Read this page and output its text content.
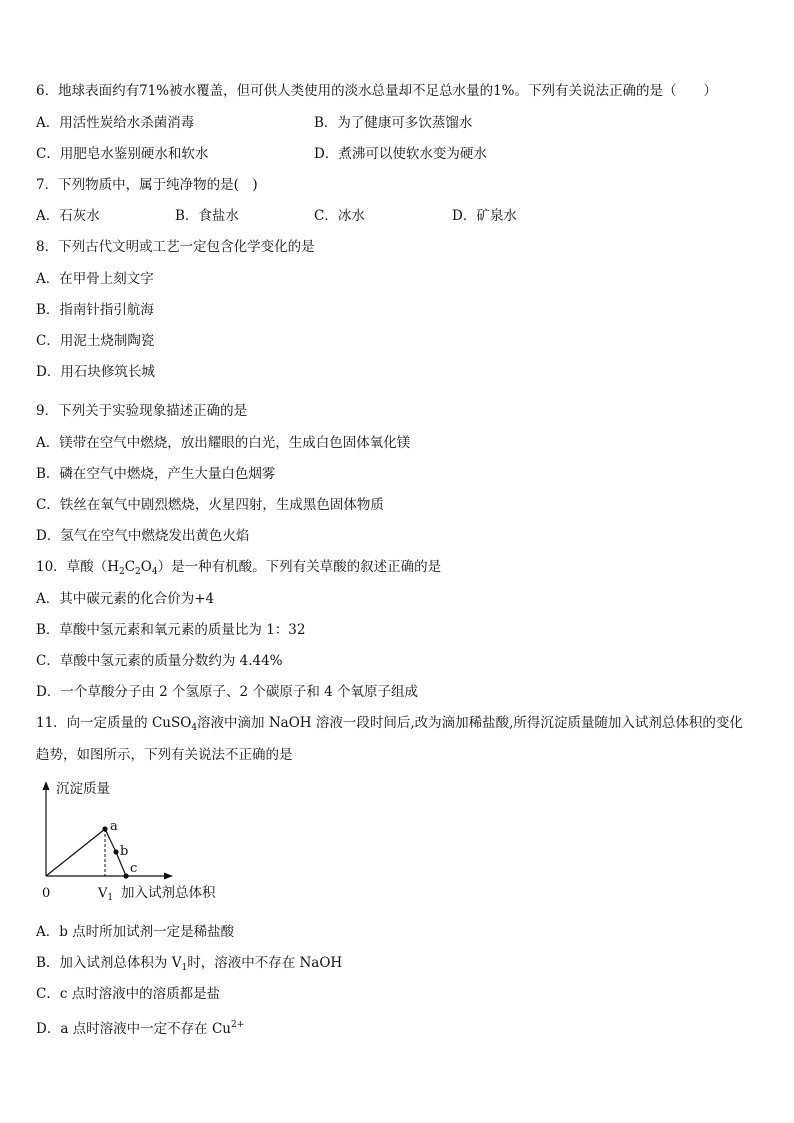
6．地球表面约有71%被水覆盖，但可供人类使用的淡水总量却不足总水量的1%。下列有关说法正确的是（　　）
A．用活性炭给水杀菌消毒	B．为了健康可多饮蒸馏水
C．用肥皂水鉴别硬水和软水	D．煮沸可以使软水变为硬水
7．下列物质中，属于纯净物的是(　)
A．石灰水	B．食盐水	C．冰水	D．矿泉水
8．下列古代文明或工艺一定包含化学变化的是
A．在甲骨上刻文字
B．指南针指引航海
C．用泥土烧制陶瓷
D．用石块修筑长城
9．下列关于实验现象描述正确的是
A．镁带在空气中燃烧，放出耀眼的白光，生成白色固体氧化镁
B．磷在空气中燃烧，产生大量白色烟雾
C．铁丝在氧气中剧烈燃烧，火星四射，生成黑色固体物质
D．氢气在空气中燃烧发出黄色火焰
10．草酸$(H_2C_2O_4)$是一种有机酸。下列有关草酸的叙述正确的是
A．其中碳元素的化合价为+4
B．草酸中氢元素和氧元素的质量比为 1：32
C．草酸中氢元素的质量分数约为 4.44%
D．一个草酸分子由 2 个氢原子、2 个碳原子和 4 个氧原子组成
11．向一定质量的 CuSO$_4$溶液中滴加 NaOH 溶液一段时间后,改为滴加稀盐酸,所得沉淀质量随加入试剂总体积的变化
趋势，如图所示，下列有关说法不正确的是
沉淀质量
a
b
c
0	$V_1$ 加入试剂总体积
A．b 点时所加试剂一定是稀盐酸
B．加入试剂总体积为 $V_1$时，溶液中不存在 NaOH
C．c 点时溶液中的溶质都是盐
D．a 点时溶液中一定不存在 $Cu^{2+}$
